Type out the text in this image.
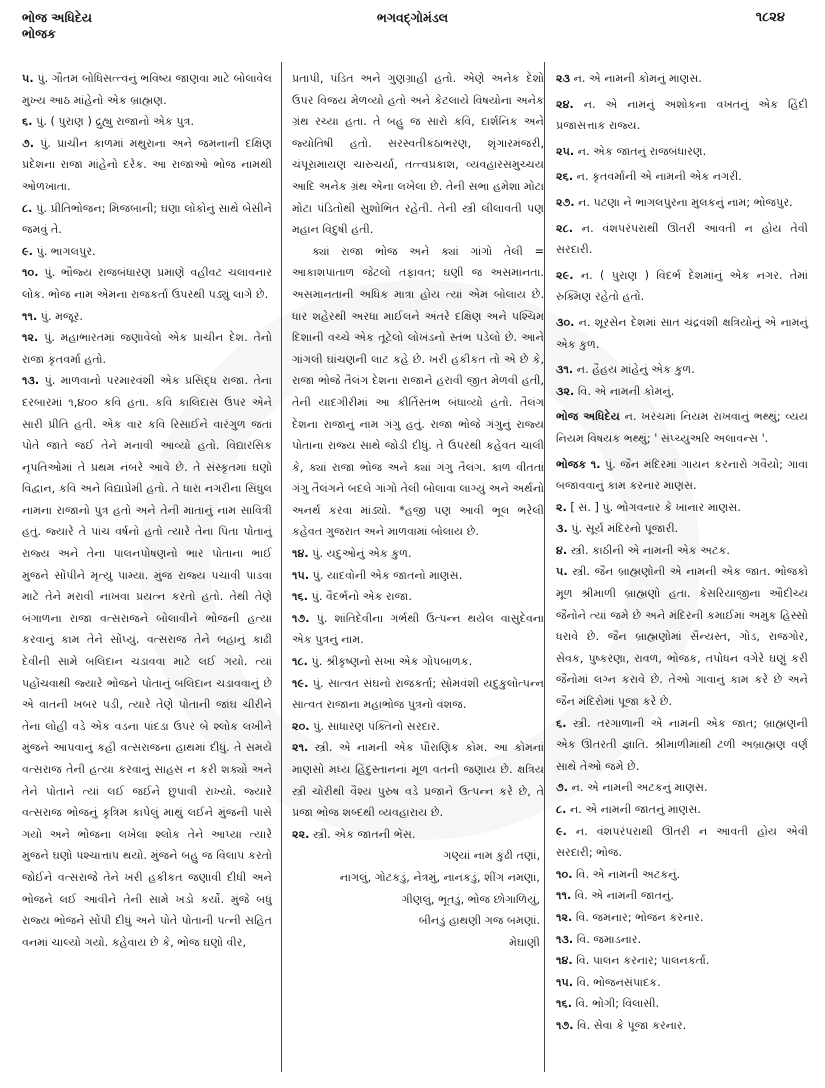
ભોજ અધિદેય
ભોજક
ભગવદ્ગોમંડલ	૧૮૨૪
૫. પું. ગૌતમ બોધિસત્ત્વનું ભવિષ્ય જાણવા માટે બોલાવેલ મુખ્ય આઠ માંહેનો એક બ્રાહ્મણ.
૬. પું. ( પુરાણ ) દ્રુહ્યુ રાજાનો એક પુત્ર.
૭. પું. પ્રાચીન કાળમાં મથુરાના અને જમનાની દક્ષિણ પ્રદેશના રાજા માંહેનો દરેક. આ રાજાઓ ભોજ નામથી ઓળખાતા.
૮. પું. પ્રીતિભોજન; મિજબાની; ઘણા લોકોનું સાથે બેસીને જમવું તે.
૯. પું. ભાગલપુર.
૧૦. પું. ભૌજ્ય રાજબંધારણ પ્રમાણે વહીવટ ચલાવનાર લોક. ભોજ નામ એમના રાજકર્તા ઉપરથી પડ્યું લાગે છે.
૧૧. પું. મજૂર.
૧૨. પું. મહાભારતમાં જણાવેલો એક પ્રાચીન દેશ. તેનો રાજા કૃતવર્મા હતો.
૧૩. પું. માળવાનો પરમારવંશી એક પ્રસિદ્ધ રાજા. તેના દરબારમાં ૧,૪૦૦ કવિ હતા. કવિ કાલિદાસ ઉપર એને સારી પ્રીતિ હતી. એક વાર કવિ રિસાઈને વારંગુળ જતાં પોતે જાતે જઈ તેને મનાવી આવ્યો હતો. વિદ્યારસિક નૃપતિઓમાં તે પ્રથમ નંબરે આવે છે. તે સંસ્કૃતમાં ઘણો વિદ્વાન, કવિ અને વિદ્યાપ્રેમી હતો. તે ધારા નગરીના સિંધુલ નામના રાજાનો પુત્ર હતો અને તેની માતાનું નામ સાવિત્રી હતું. જ્યારે તે પાંચ વર્ષનો હતો ત્યારે તેના પિતા પોતાનું રાજ્ય અને તેના પાલનપોષણનો ભાર પોતાના ભાઈ મુંજને સોંપીને મૃત્યુ પામ્યા. મુંજ રાજ્ય પચાવી પાડવા માટે તેને મરાવી નાખવા પ્રયત્ન કરતો હતો. તેથી તેણે બંગાળના રાજા વત્સરાજને બોલાવીને ભોજની હત્યા કરવાનું કામ તેને સોંપ્યું. વત્સરાજ તેને બહાનું કાઢી દેવીની સામે બલિદાન ચડાવવા માટે લઈ ગયો. ત્યાં પહોંચવાથી જ્યારે ભોજને પોતાનું બલિદાન ચડાવવાનું છે એ વાતની ખબર પડી, ત્યારે તેણે પોતાની જાંઘ ચીરીને તેના લોહી વડે એક વડના પાંદડા ઉપર બે શ્લોક લખીને મુંજને આપવાનું કહી વત્સરાજના હાથમાં દીધું. તે સમયે વત્સરાજ તેની હત્યા કરવાનું સાહસ ન કરી શક્યો અને તેને પોતાને ત્યાં લઈ જઈને છુપાવી રાખ્યો. જ્યારે વત્સરાજ ભોજનું કૃત્રિમ કાપેલું માથું લઈને મુંજની પાસે ગયો અને ભોજના લખેલા શ્લોક તેને આપ્યા ત્યારે મુંજને ઘણો પશ્ચાત્તાપ થયો. મુંજને બહુ જ વિલાપ કરતો જોઈને વત્સરાજે તેને ખરી હકીકત જણાવી દીધી અને ભોજને લઈ આવીને તેની સામે ખડો કર્યો. મુંજે બધું રાજ્ય ભોજને સોંપી દીધું અને પોતે પોતાની પત્ની સહિત વનમાં ચાલ્યો ગયો. કહેવાય છે કે, ભોજ ઘણો વીર,
પ્રતાપી, પંડિત અને ગુણગ્રાહી હતો. એણે અનેક દેશો ઉપર વિજય મેળવ્યો હતો અને કેટલાયે વિષયોના અનેક ગ્રંથ રચ્યા હતા. તે બહુ જ સારો કવિ, દાર્શનિક અને જ્યોતિષી હતો. સરસ્વતીકંઠાભરણ, શૃંગારમંજરી, ચંપૂરામાયણ ચારુચર્યા, તત્ત્વપ્રકાશ, વ્યવહારસમુચ્ચય આદિ અનેક ગ્રંથ એના લખેલા છે. તેની સભા હમેશા મોટા મોટા પંડિતોથી સુશોભિત રહેતી. તેની સ્ત્રી લીલાવતી પણ મહાન વિદુષી હતી.
ક્યાં રાજા ભોજ અને ક્યાં ગાંગો તેલી = આકાશપાતાળ જેટલો તફાવત; ઘણી જ અસમાનતા. અસમાનતાની અધિક માત્રા હોય ત્યાં એમ બોલાય છે. ધાર શહેરથી અરધા માઈલને અંતરે દક્ષિણ અને પશ્ચિમ દિશાની વચ્ચે એક તૂટેલો લોખંડનો સ્તંભ પડેલો છે. આને ગાંગલી ઘાંચણની લાટ કહે છે. ખરી હકીકત તો એ છે કે, રાજા ભોજે તૈલંગ દેશના રાજાને હરાવી જીત મેળવી હતી, તેની યાદગીરીમાં આ કીર્તિસ્તંભ બંધાવ્યો હતો. તૈલંગ દેશના રાજાનું નામ ગંગુ હતું. રાજા ભોજે ગંગુનું રાજ્ય પોતાના રાજ્ય સાથે જોડી દીધું. તે ઉપરથી કહેવત ચાલી કે, ક્યાં રાજા ભોજ અને ક્યાં ગંગુ તૈલંગ. કાળ વીતતાં ગંગુ તૈલંગને બદલે ગાંગો તેલી બોલાવા લાગ્યું અને અર્થનો અનર્થ કરવા માંડ્યો. *હજી પણ આવી ભૂલ ભરેલી કહેવત ગુજરાત અને માળવામાં બોલાય છે.
૧૪. પું. યદુઓનું એક કુળ.
૧૫. પું. યાદવોની એક જાતનો માણસ.
૧૬. પું. વૈદર્ભનો એક રાજા.
૧૭. પું. શાંતિદેવીના ગર્ભથી ઉત્પન્ન થયેલ વાસુદેવના એક પુત્રનું નામ.
૧૮. પું. શ્રીકૃષ્ણનો સખા એક ગોપબાળક.
૧૯. પું. સાત્વત સંઘનો રાજકર્તા; સોમવંશી યદુકુલોત્પન્ન સાત્વત રાજાના મહાભોજ પુત્રનો વંશજ.
૨૦. પું. સાધારણ પંક્તિનો સરદાર.
૨૧. સ્ત્રી. એ નામની એક પૌરાણિક કોમ. આ કોમનાં માણસો મધ્ય હિંદુસ્તાનનાં મૂળ વતની જણાય છે. ક્ષત્રિય સ્ત્રી ચોરીથી વૈશ્ય પુરુષ વડે પ્રજાને ઉત્પન્ન કરે છે, તે પ્રજા ભોજ શબ્દથી વ્યવહારાય છે.
૨૨. સ્ત્રી. એક જાતની ભેંસ.
ગણ્યાં નામ કુંઢી તણાં,
નાગલું, ગોટકડું, નેત્રમું, નાનકડું, શીંગ નમણાં,
ગીણલું, ભૂતડું, ભોજ છોગાળિયું,
બીનડું હાથણી ગજ બમણાં.
મેઘાણી
૨૩ ન. એ નામની કોમનું માણસ.
૨૪. ન. એ નામનું અશોકના વખતનું એક હિંદી પ્રજાસત્તાક રાજ્ય.
૨૫. ન. એક જાતનું રાજબંધારણ.
૨૬. ન. કૃતવર્માની એ નામની એક નગરી.
૨૭. ન. પટણા ને ભાગલપુરના મુલકનું નામ; ભોજપુર.
૨૮. ન. વંશપરંપરાથી ઊતરી આવતી ન હોય તેવી સરદારી.
૨૯. ન. ( પુરાણ ) વિદર્ભ દેશમાંનું એક નગર. તેમાં રુક્મિણ રહેતો હતો.
૩૦. ન. શૂરસેન દેશમાં સાત ચંદ્રવંશી ક્ષત્રિયોનું એ નામનું એક કુળ.
૩૧. ન. હૈહય માંહેનું એક કુળ.
૩૨. વિ. એ નામની કોમનું.
ભોજ અધિદેય ન. ખરચમાં નિયમ રાખવાનું ભથ્થું; વ્યય નિયમ વિષયક ભથ્થું; ' સંપ્ચ્યુઅરિ અલાવન્સ '.
ભોજક ૧. પું. જૈન મંદિરમાં ગાયન કરનારો ગવૈયો; ગાવા બજાવવાનું કામ કરનાર માણસ.
૨. [ સં. ] પું. ભોગવનાર કે ખાનાર માણસ.
૩. પું. સૂર્ય મંદિરનો પૂજારી.
૪. સ્ત્રી. કાઠીની એ નામની એક અટક.
૫. સ્ત્રી. જૈન બ્રાહ્મણોની એ નામની એક જાત. ભોજકો મૂળ શ્રીમાળી બ્રાહ્મણો હતા. કેસરિયાજીના ઔદીચ્ય જૈનોને ત્યાં જમે છે અને મંદિરની કમાઈમાં અમુક હિસ્સો ધરાવે છે. જૈન બ્રાહ્મણોમાં સૈન્યસ્ત, ગોડ, રાજગોર, સેવક, પુષ્કરણા, રાવળ, ભોજક, તપોધન વગેરે ઘણું કરી જૈનોમાં લગ્ન કરાવે છે. તેઓ ગાવાનું કામ કરે છે અને જૈન મંદિરોમાં પૂજા કરે છે.
૬. સ્ત્રી. તરગાળાની એ નામની એક જાત; બ્રાહ્મણની એક ઊતરતી જ્ઞાતિ. શ્રીમાળીમાંથી ટળી અબ્રાહ્મણ વર્ણ સાથે તેઓ જમે છે.
૭. ન. એ નામની અટકનું માણસ.
૮. ન. એ નામની જાતનું માણસ.
૯. ન. વંશપરંપરાથી ઊતરી ન આવતી હોય એવી સરદારી; ભોજ.
૧૦. વિ. એ નામની અટકનું.
૧૧. વિ. એ નામની જાતનું.
૧૨. વિ. જમનાર; ભોજન કરનાર.
૧૩. વિ. જમાડનાર.
૧૪. વિ. પાલન કરનાર; પાલનકર્તા.
૧૫. વિ. ભોજનસંપાદક.
૧૬. વિ. ભોગી; વિલાસી.
૧૭. વિ. સેવા કે પૂજા કરનાર.
